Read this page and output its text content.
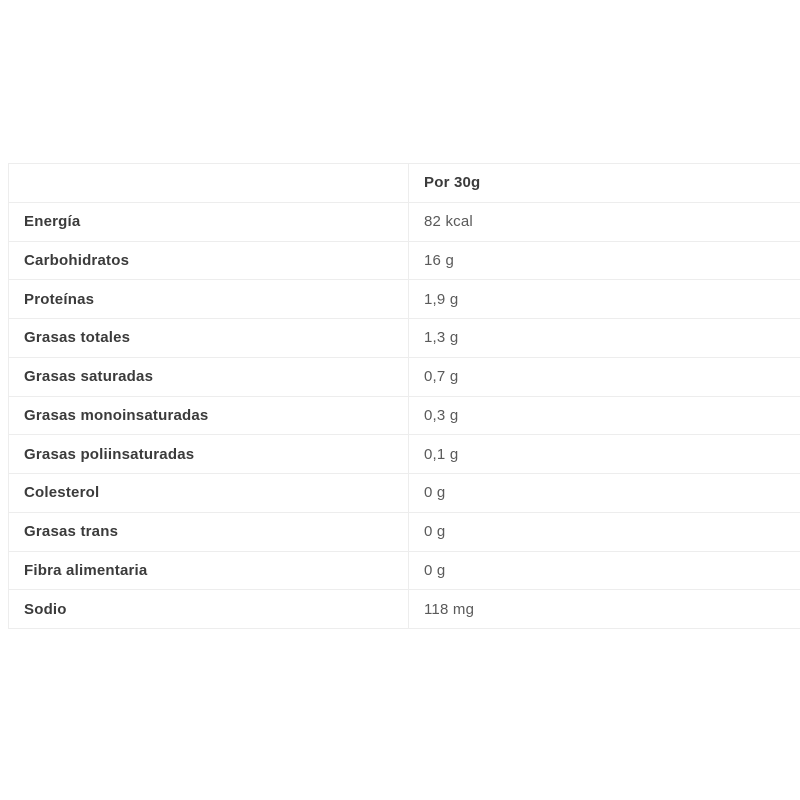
	Por 30g
Energía	82 kcal
Carbohidratos	16 g
Proteínas	1,9 g
Grasas totales	1,3 g
Grasas saturadas	0,7 g
Grasas monoinsaturadas	0,3 g
Grasas poliinsaturadas	0,1 g
Colesterol	0 g
Grasas trans	0 g
Fibra alimentaria	0 g
Sodio	118 mg
